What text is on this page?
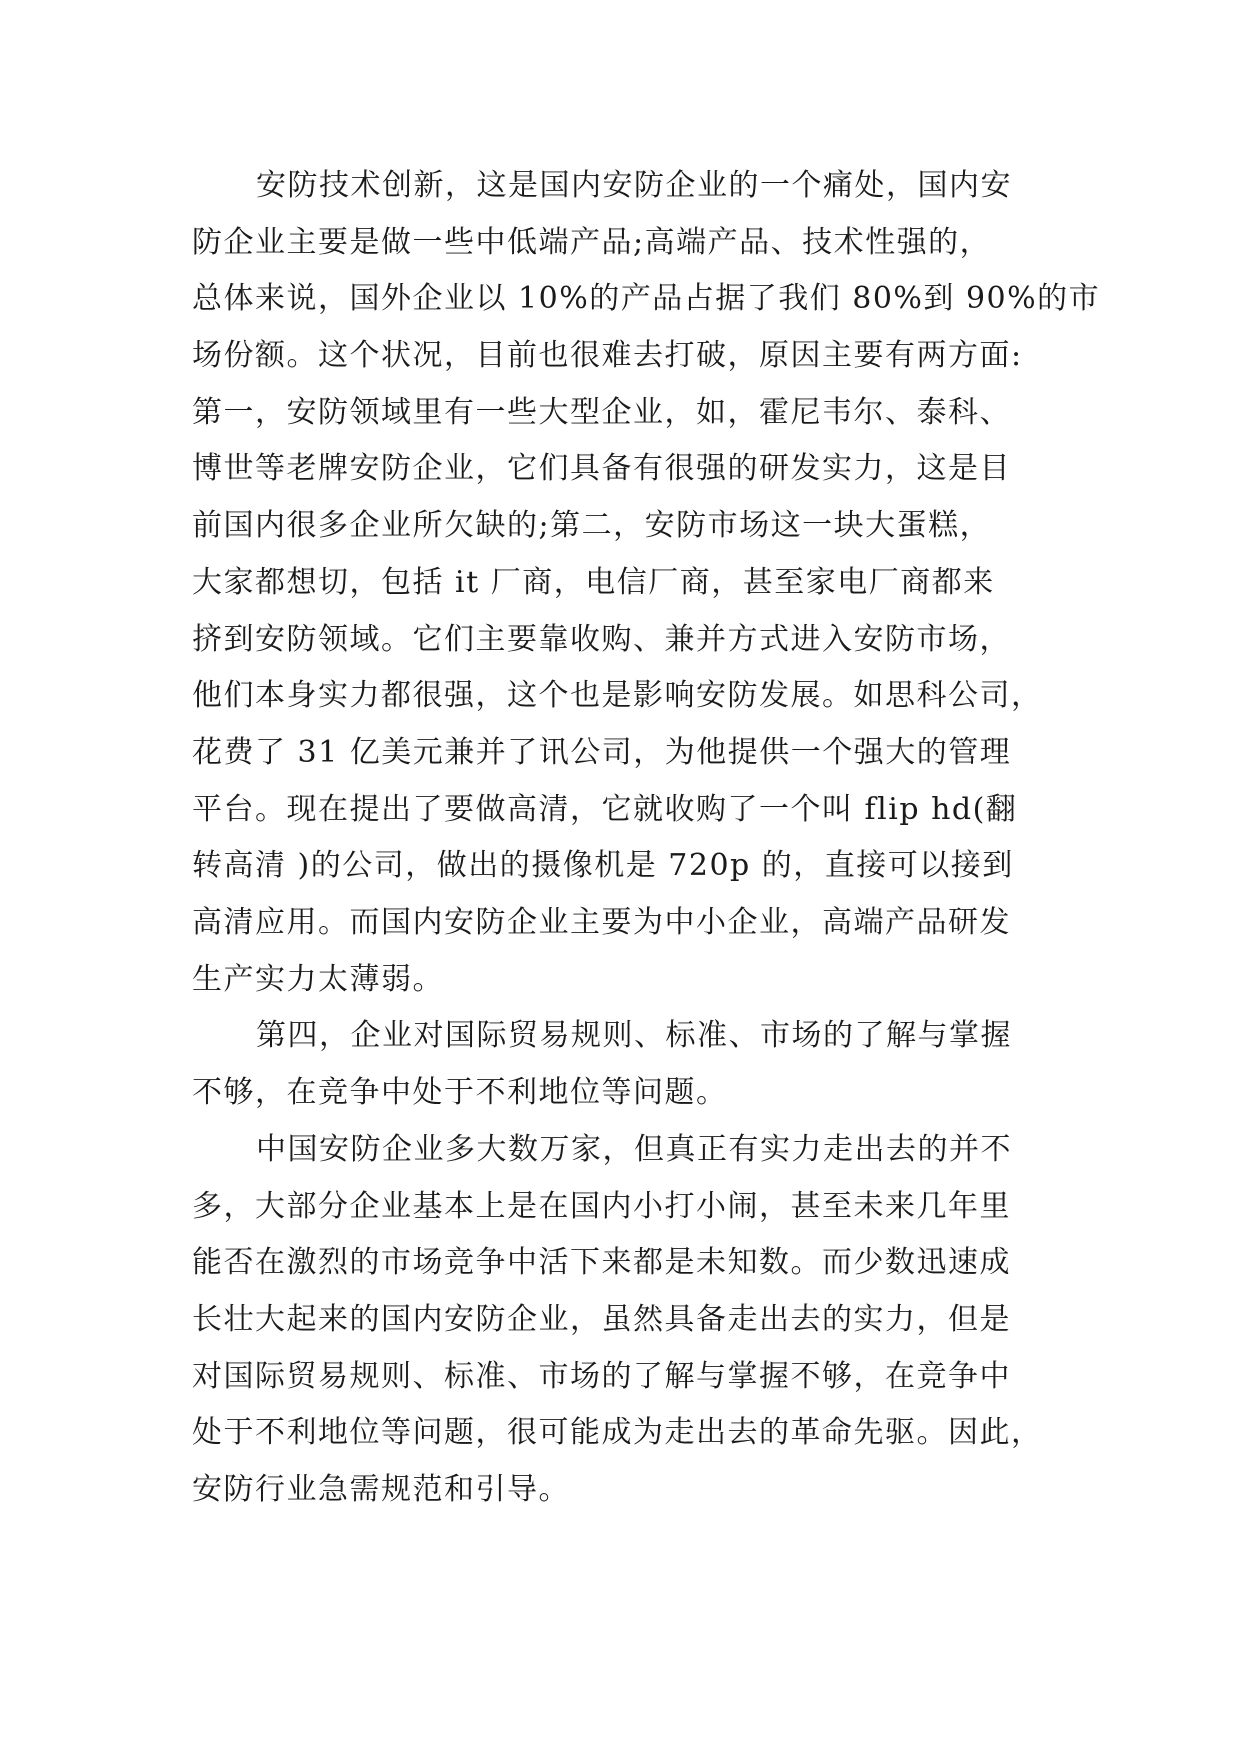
安防技术创新，这是国内安防企业的一个痛处，国内安
防企业主要是做一些中低端产品;高端产品、技术性强的，
总体来说，国外企业以 10%的产品占据了我们 80%到 90%的市
场份额。这个状况，目前也很难去打破，原因主要有两方面:
第一，安防领域里有一些大型企业，如，霍尼韦尔、泰科、
博世等老牌安防企业，它们具备有很强的研发实力，这是目
前国内很多企业所欠缺的;第二，安防市场这一块大蛋糕，
大家都想切，包括 it 厂商，电信厂商，甚至家电厂商都来
挤到安防领域。它们主要靠收购、兼并方式进入安防市场，
他们本身实力都很强，这个也是影响安防发展。如思科公司，
花费了 31 亿美元兼并了讯公司，为他提供一个强大的管理
平台。现在提出了要做高清，它就收购了一个叫 flip hd(翻
转高清 )的公司，做出的摄像机是 720p 的，直接可以接到
高清应用。而国内安防企业主要为中小企业，高端产品研发
生产实力太薄弱。

第四，企业对国际贸易规则、标准、市场的了解与掌握
不够，在竞争中处于不利地位等问题。

中国安防企业多大数万家，但真正有实力走出去的并不
多，大部分企业基本上是在国内小打小闹，甚至未来几年里
能否在激烈的市场竞争中活下来都是未知数。而少数迅速成
长壮大起来的国内安防企业，虽然具备走出去的实力，但是
对国际贸易规则、标准、市场的了解与掌握不够，在竞争中
处于不利地位等问题，很可能成为走出去的革命先驱。因此，
安防行业急需规范和引导。
